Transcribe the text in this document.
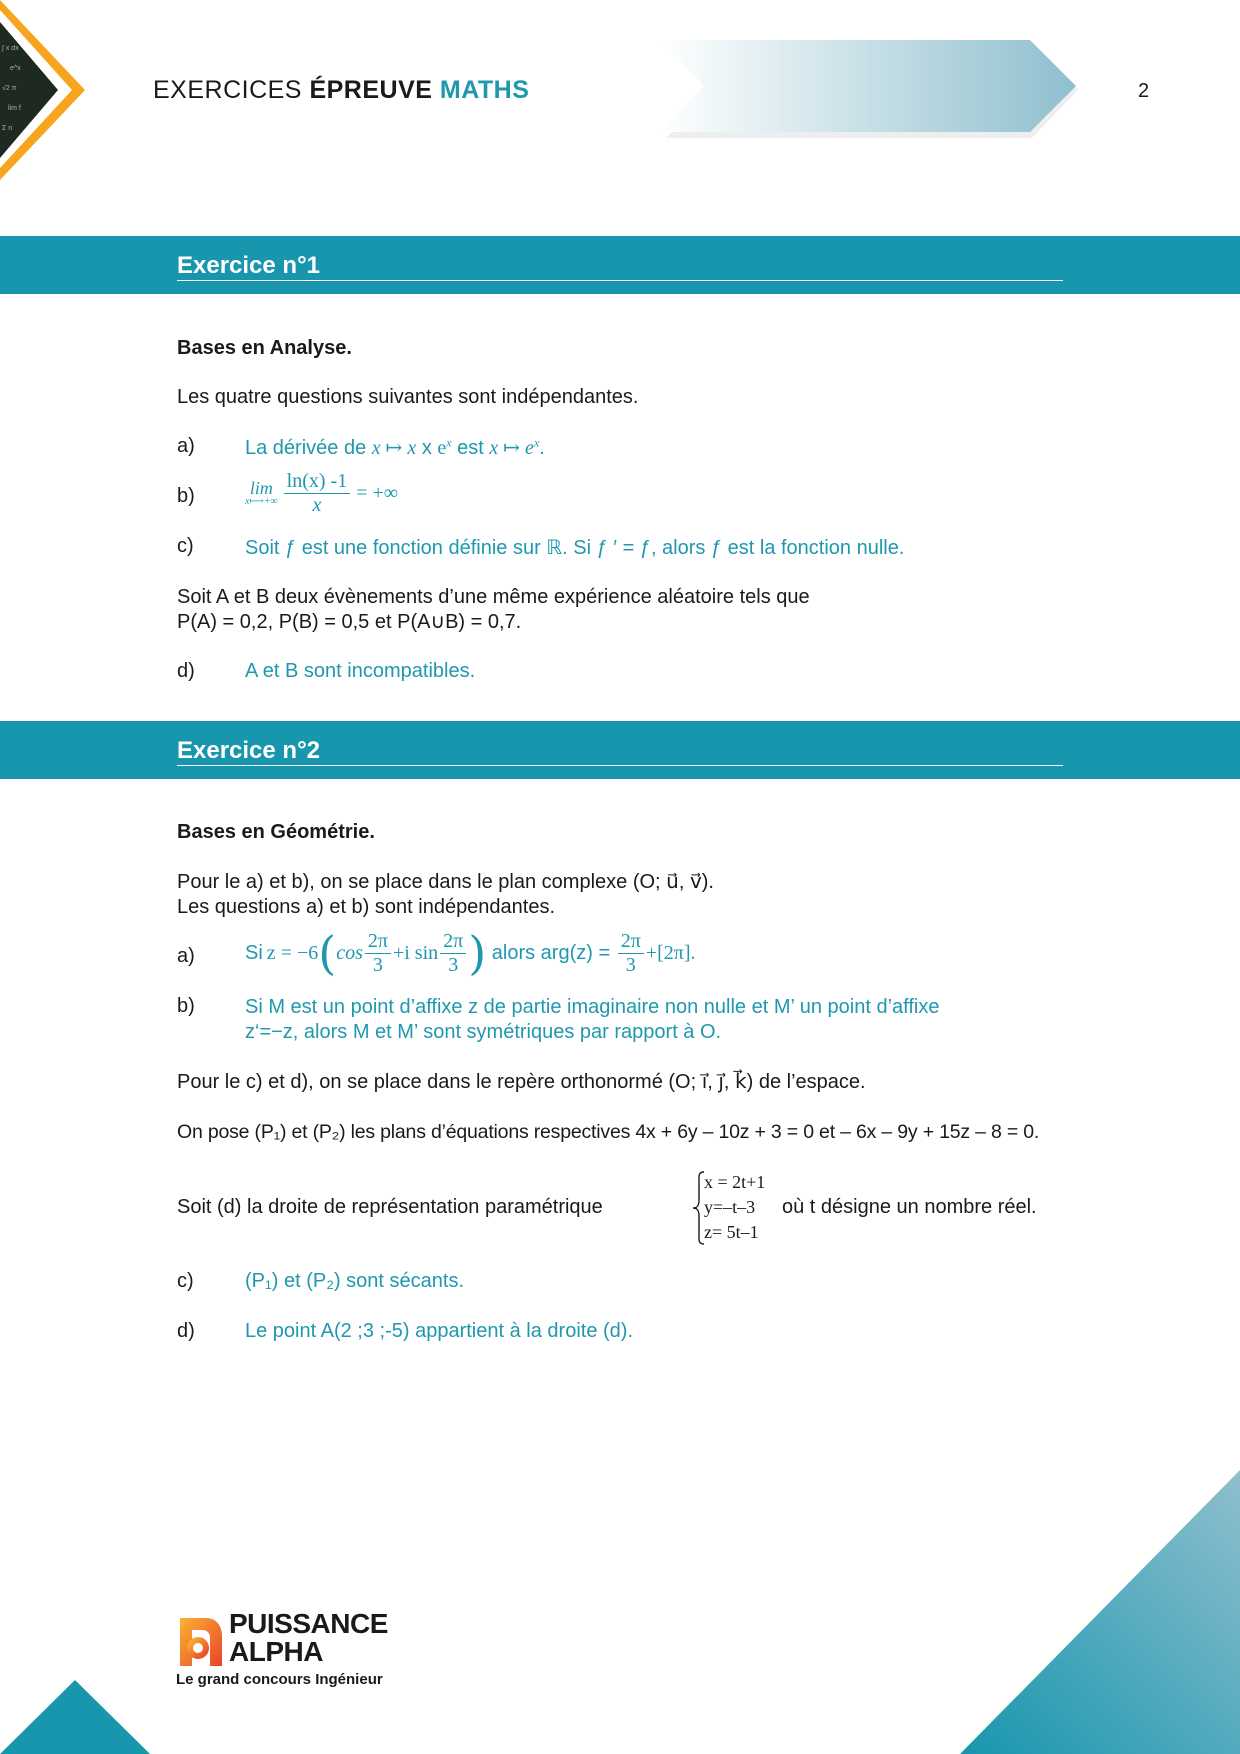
∫ x dx
e^x
√2 π
lim f
Σ n
EXERCICES ÉPREUVE MATHS	2
Exercice n°1
Bases en Analyse.
Les quatre questions suivantes sont indépendantes.
a)	La dérivée de x ↦ x x $e^x$ est x ↦ $e^x$.
b)	lim
x⟼+∞ $\frac{\ln(x) -1}{x}$ = +∞
c)	Soit ƒ est une fonction définie sur ℝ. Si ƒ ′ = ƒ, alors ƒ est la fonction nulle.
Soit A et B deux évènements d’une même expérience aléatoire tels que
P(A) = 0,2, P(B) = 0,5 et P(A∪B) = 0,7.
d)	A et B sont incompatibles.
Exercice n°2
Bases en Géométrie.
Pour le a) et b), on se place dans le plan complexe (O; u⃗, v⃗).
Les questions a) et b) sont indépendantes.
a)	Si z = −6 ( $\cos \frac{2\pi}{3} +i$ $\sin \frac{2\pi}{3}$ ) alors $arg(z) = \frac{2\pi}{3} +[2\pi]$.
b)	Si M est un point d’affixe z de partie imaginaire non nulle et M’ un point d’affixe
z‘=−z, alors M et M’ sont symétriques par rapport à O.
Pour le c) et d), on se place dans le repère orthonormé (O; i⃗, j⃗, k⃗) de l’espace.
On pose (P₁) et (P₂) les plans d’équations respectives 4x + 6y – 10z + 3 = 0 et – 6x – 9y + 15z – 8 = 0.
Soit (d) la droite de représentation paramétrique
x = 2t+1
y=–t–3
z= 5t–1
où t désigne un nombre réel.
c)	(P₁) et (P₂) sont sécants.
d)	Le point A(2 ;3 ;-5) appartient à la droite (d).
PUISSANCE
ALPHA
Le grand concours Ingénieur
